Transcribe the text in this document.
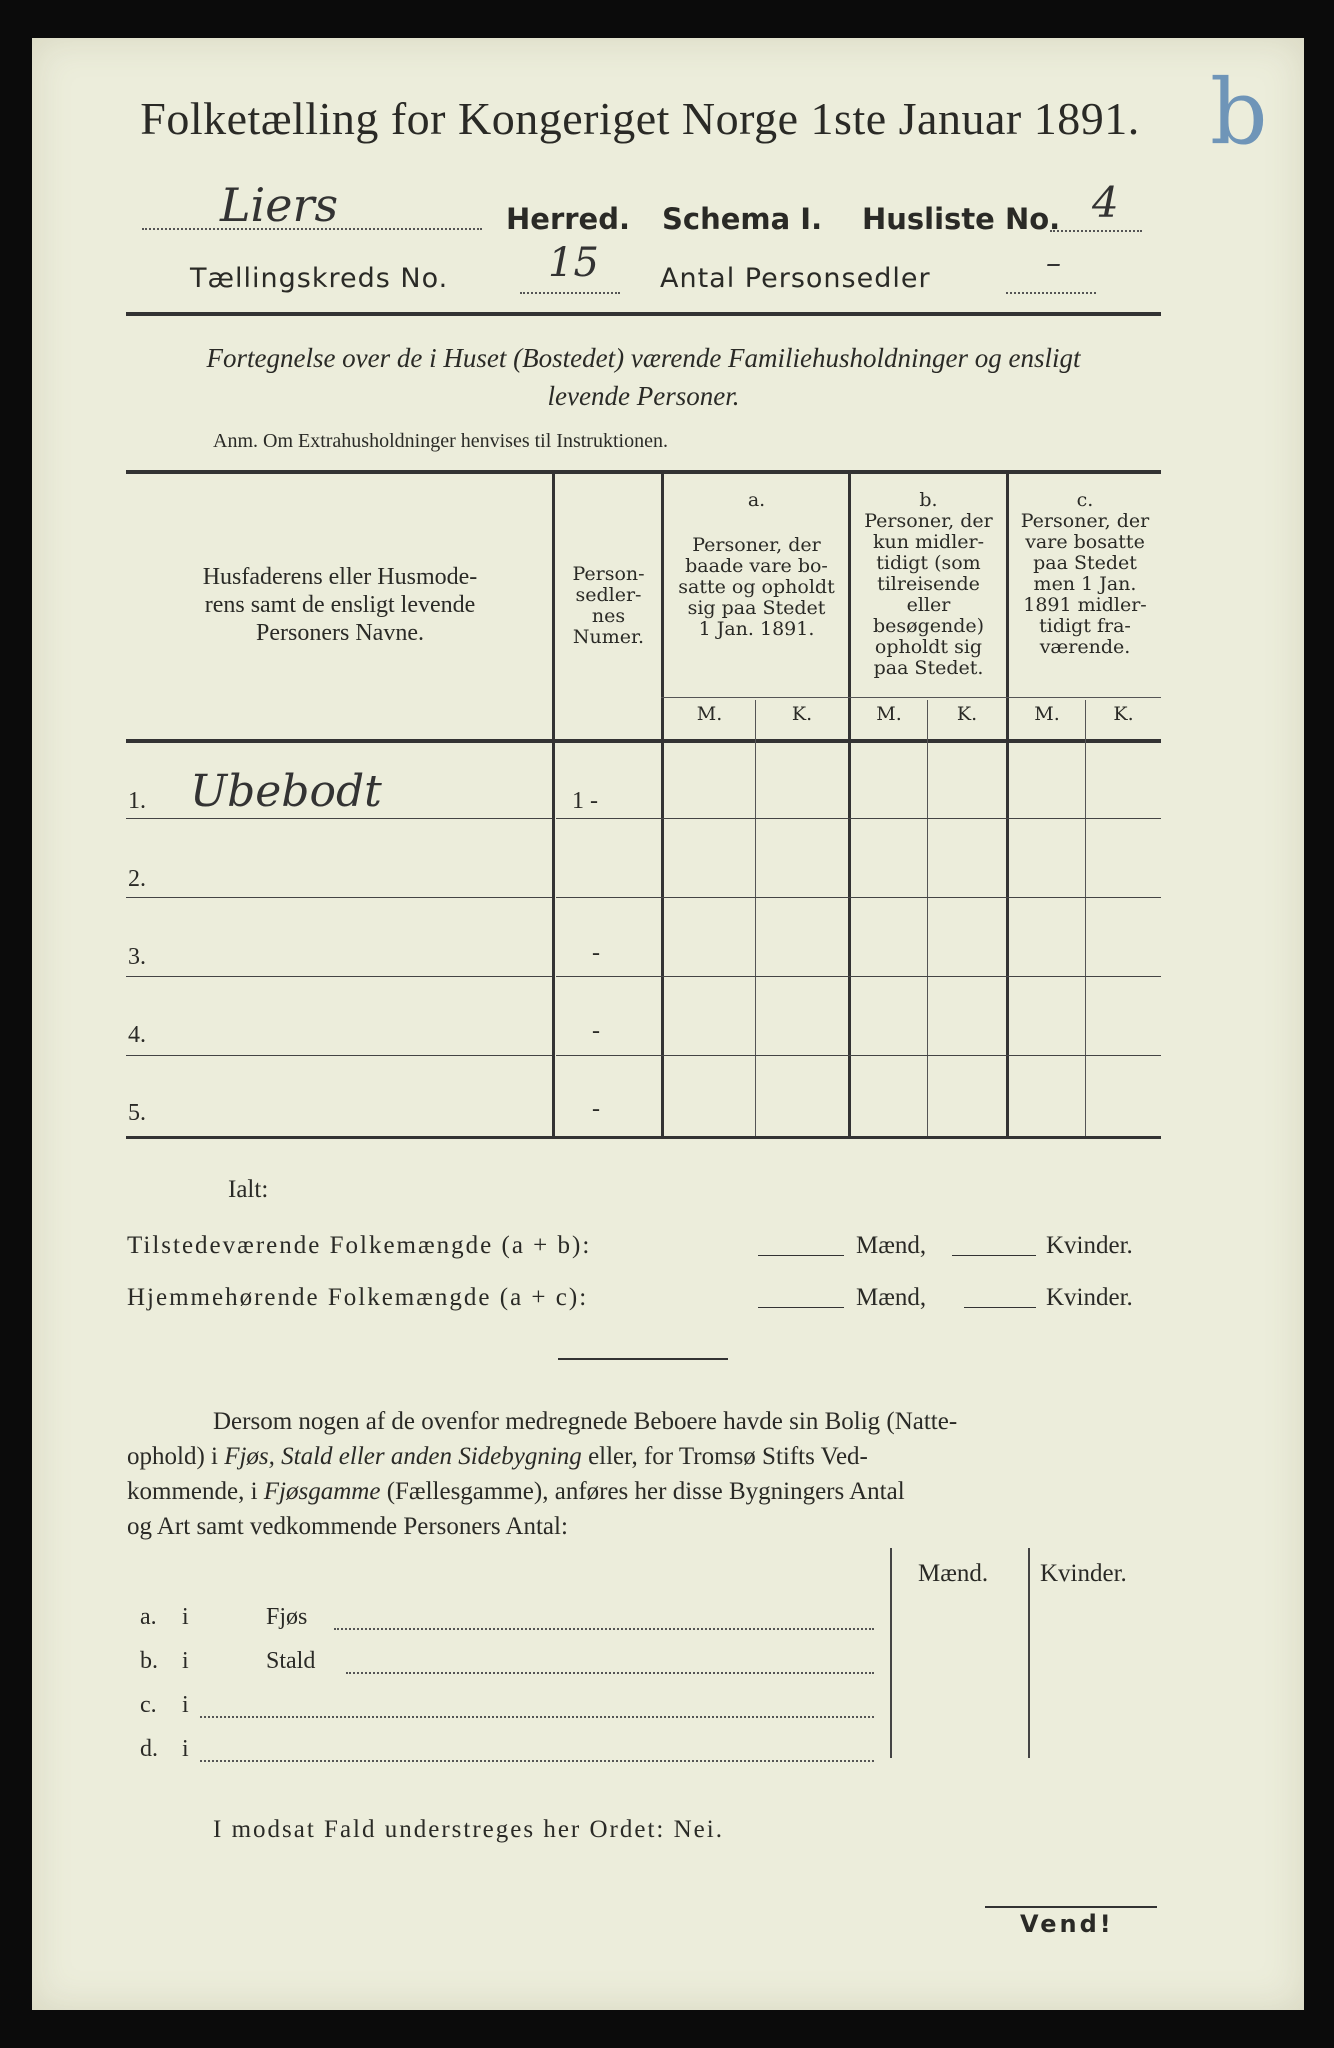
Folketælling for Kongeriget Norge 1ste Januar 1891.
Liers	Herred. Schema I. Husliste No. 4
Tællingskreds No. 15 Antal Personsedler	–
b
Fortegnelse over de i Huset (Bostedet) værende Familiehusholdninger og ensligt
levende Personer.
Anm. Om Extrahusholdninger henvises til Instruktionen.
Husfaderens eller Husmode-
rens samt de ensligt levende
Personers Navne.
Person-
sedler-
nes
Numer.
a.
Personer, der
baade vare bo-
satte og opholdt
sig paa Stedet
1 Jan. 1891.
b.
Personer, der
kun midler-
tidigt (som
tilreisende
eller
besøgende)
opholdt sig
paa Stedet.
c.
Personer, der
vare bosatte
paa Stedet
men 1 Jan.
1891 midler-
tidigt fra-
værende.
M.	K.	M.	K.	M.	K.
1. Ubebodt	1 -
2.
3.	-
4.	-
5.	-
Ialt:
Tilstedeværende Folkemængde (a + b):	Mænd,	Kvinder.
Hjemmehørende Folkemængde (a + c):	Mænd,	Kvinder.
Dersom nogen af de ovenfor medregnede Beboere havde sin Bolig (Natte-
ophold) i Fjøs, Stald eller anden Sidebygning eller, for Tromsø Stifts Ved-
kommende, i Fjøsgamme (Fællesgamme), anføres her disse Bygningers Antal
og Art samt vedkommende Personers Antal:
Mænd. Kvinder.
a. i	Fjøs
b. i	Stald
c. i
d. i
I modsat Fald understreges her Ordet: Nei.
Vend!
